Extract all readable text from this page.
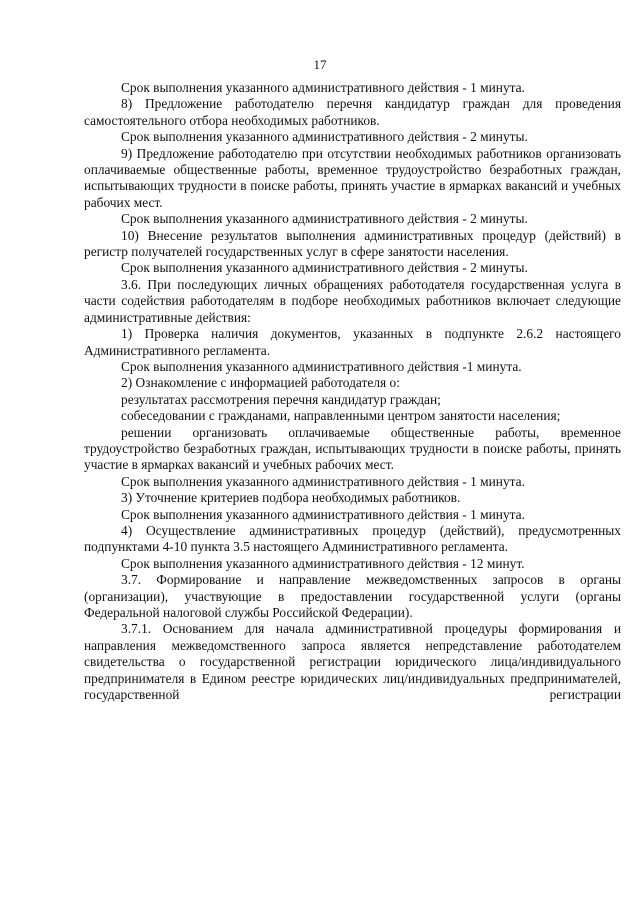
17

Срок выполнения указанного административного действия - 1 минута.

8) Предложение работодателю перечня кандидатур граждан для проведения самостоятельного отбора необходимых работников.

Срок выполнения указанного административного действия - 2 минуты.

9) Предложение работодателю при отсутствии необходимых работников организовать оплачиваемые общественные работы, временное трудоустройство безработных граждан, испытывающих трудности в поиске работы, принять участие в ярмарках вакансий и учебных рабочих мест.

Срок выполнения указанного административного действия - 2 минуты.

10) Внесение результатов выполнения административных процедур (действий) в регистр получателей государственных услуг в сфере занятости населения.

Срок выполнения указанного административного действия - 2 минуты.

3.6. При последующих личных обращениях работодателя государственная услуга в части содействия работодателям в подборе необходимых работников включает следующие административные действия:

1) Проверка наличия документов, указанных в подпункте 2.6.2 настоящего Административного регламента.

Срок выполнения указанного административного действия -1 минута.

2) Ознакомление с информацией работодателя о:

результатах рассмотрения перечня кандидатур граждан;

собеседовании с гражданами, направленными центром занятости населения;

решении организовать оплачиваемые общественные работы, временное трудоустройство безработных граждан, испытывающих трудности в поиске работы, принять участие в ярмарках вакансий и учебных рабочих мест.

Срок выполнения указанного административного действия - 1 минута.

3) Уточнение критериев подбора необходимых работников.

Срок выполнения указанного административного действия - 1 минута.

4) Осуществление административных процедур (действий), предусмотренных подпунктами 4-10 пункта 3.5 настоящего Административного регламента.

Срок выполнения указанного административного действия - 12 минут.

3.7. Формирование и направление межведомственных запросов в органы (организации), участвующие в предоставлении государственной услуги (органы Федеральной налоговой службы Российской Федерации).

3.7.1. Основанием для начала административной процедуры формирования и направления межведомственного запроса является непредставление работодателем свидетельства о государственной регистрации юридического лица/индивидуального предпринимателя в Едином реестре юридических лиц/индивидуальных предпринимателей, государственной регистрации
